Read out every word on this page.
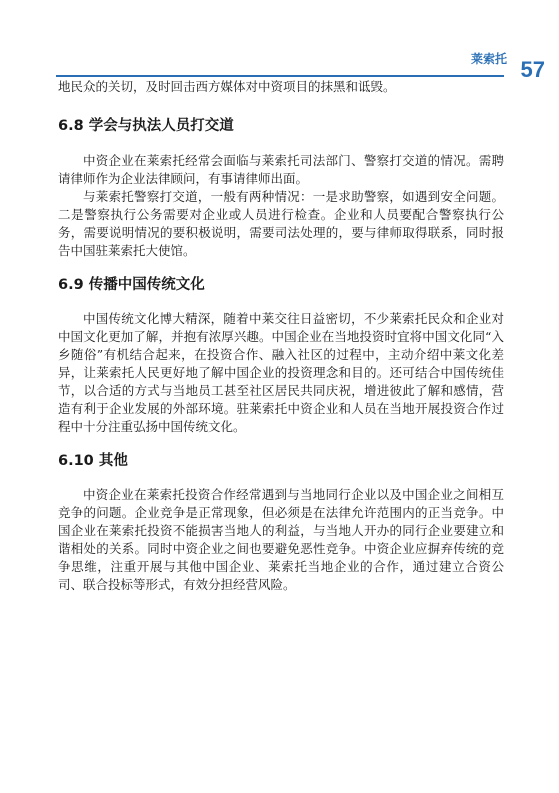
莱索托 57

地民众的关切，及时回击西方媒体对中资项目的抹黑和诋毁。

6.8 学会与执法人员打交道

中资企业在莱索托经常会面临与莱索托司法部门、警察打交道的情况。需聘请律师作为企业法律顾问，有事请律师出面。

与莱索托警察打交道，一般有两种情况：一是求助警察，如遇到安全问题。二是警察执行公务需要对企业或人员进行检查。企业和人员要配合警察执行公务，需要说明情况的要积极说明，需要司法处理的，要与律师取得联系，同时报告中国驻莱索托大使馆。

6.9 传播中国传统文化

中国传统文化博大精深，随着中莱交往日益密切，不少莱索托民众和企业对中国文化更加了解，并抱有浓厚兴趣。中国企业在当地投资时宜将中国文化同“入乡随俗”有机结合起来，在投资合作、融入社区的过程中，主动介绍中莱文化差异，让莱索托人民更好地了解中国企业的投资理念和目的。还可结合中国传统佳节，以合适的方式与当地员工甚至社区居民共同庆祝，增进彼此了解和感情，营造有利于企业发展的外部环境。驻莱索托中资企业和人员在当地开展投资合作过程中十分注重弘扬中国传统文化。

6.10 其他

中资企业在莱索托投资合作经常遇到与当地同行企业以及中国企业之间相互竞争的问题。企业竞争是正常现象，但必须是在法律允许范围内的正当竞争。中国企业在莱索托投资不能损害当地人的利益，与当地人开办的同行企业要建立和谐相处的关系。同时中资企业之间也要避免恶性竞争。中资企业应摒弃传统的竞争思维，注重开展与其他中国企业、莱索托当地企业的合作，通过建立合资公司、联合投标等形式，有效分担经营风险。
